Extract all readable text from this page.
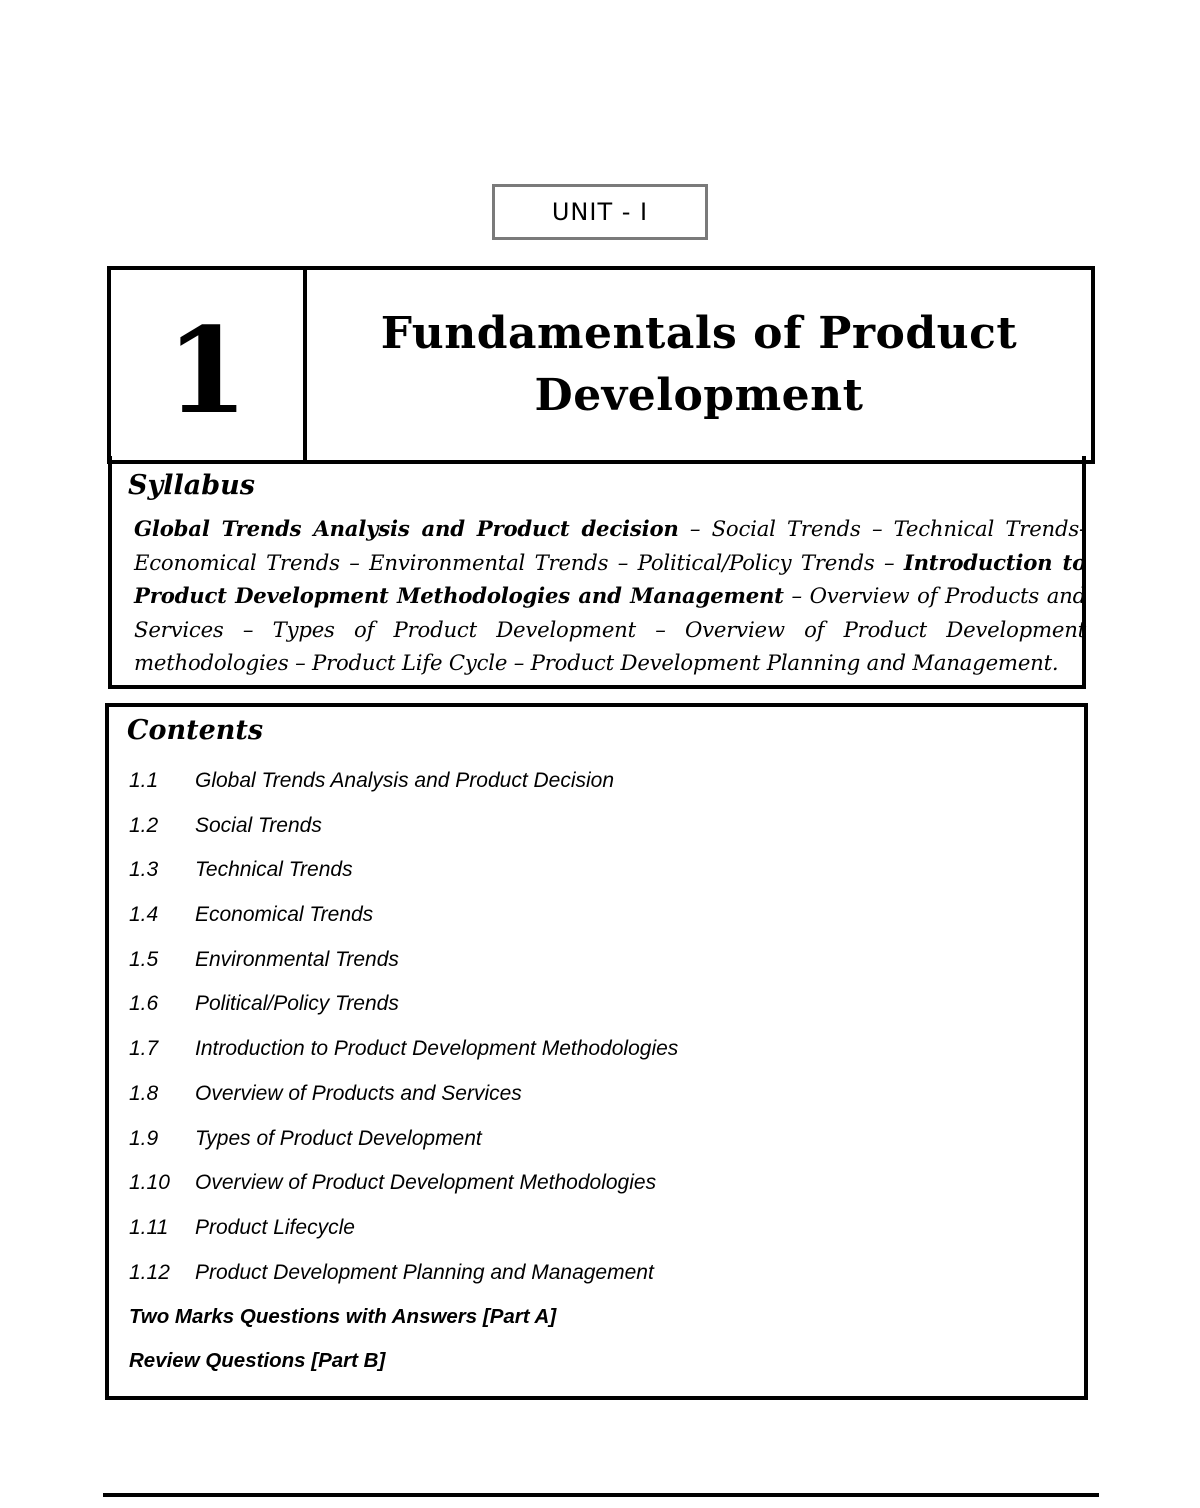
UNIT - I
1	Fundamentals of Product
Development
Syllabus

Global Trends Analysis and Product decision – Social Trends – Technical Trends- Economical Trends – Environmental Trends – Political/Policy Trends – Introduction to Product Development Methodologies and Management – Overview of Products and Services – Types of Product Development – Overview of Product Development methodologies – Product Life Cycle – Product Development Planning and Management.

Contents
1.1	Global Trends Analysis and Product Decision
1.2	Social Trends
1.3	Technical Trends
1.4	Economical Trends
1.5	Environmental Trends
1.6	Political/Policy Trends
1.7	Introduction to Product Development Methodologies
1.8	Overview of Products and Services
1.9	Types of Product Development
1.10	Overview of Product Development Methodologies
1.11	Product Lifecycle
1.12	Product Development Planning and Management
Two Marks Questions with Answers [Part A]
Review Questions [Part B]
